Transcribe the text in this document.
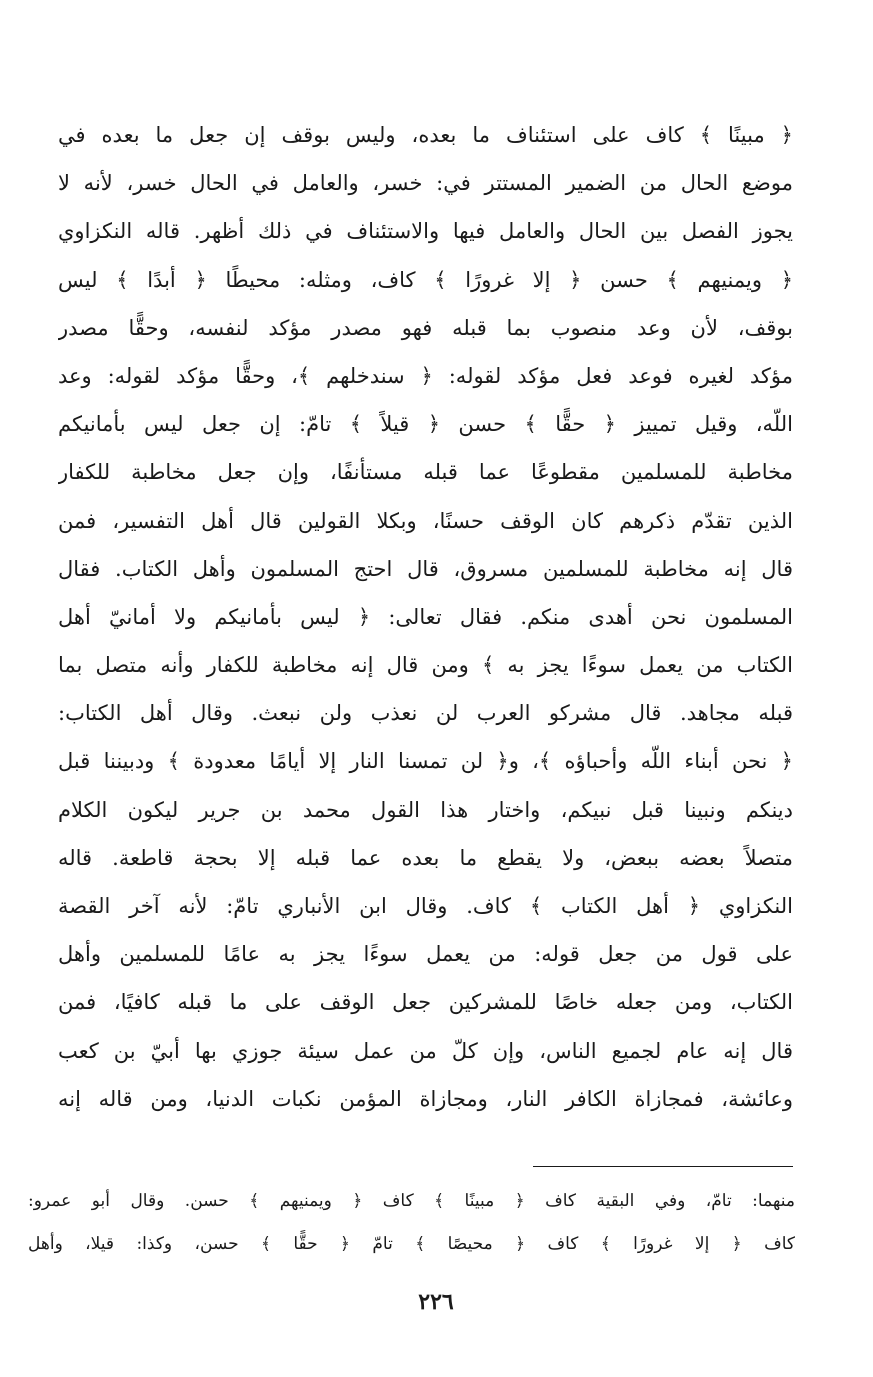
﴿ مبينًا ﴾ كاف على استئناف ما بعده، وليس بوقف إن جعل ما بعده في
موضع الحال من الضمير المستتر في: خسر، والعامل في الحال خسر، لأنه لا
يجوز الفصل بين الحال والعامل فيها والاستئناف في ذلك أظهر. قاله النكزاوي
﴿ ويمنيهم ﴾ حسن ﴿ إلا غرورًا ﴾ كاف، ومثله: محيطًا ﴿ أبدًا ﴾ ليس
بوقف، لأن وعد منصوب بما قبله فهو مصدر مؤكد لنفسه، وحقًّا مصدر
مؤكد لغيره فوعد فعل مؤكد لقوله: ﴿ سندخلهم ﴾، وحقًّا مؤكد لقوله: وعد
اللّه، وقيل تمييز ﴿ حقًّا ﴾ حسن ﴿ قيلاً ﴾ تامّ: إن جعل ليس بأمانيكم
مخاطبة للمسلمين مقطوعًا عما قبله مستأنفًا، وإن جعل مخاطبة للكفار
الذين تقدّم ذكرهم كان الوقف حسنًا، وبكلا القولين قال أهل التفسير، فمن
قال إنه مخاطبة للمسلمين مسروق، قال احتج المسلمون وأهل الكتاب. فقال
المسلمون نحن أهدى منكم. فقال تعالى: ﴿ ليس بأمانيكم ولا أمانيّ أهل
الكتاب من يعمل سوءًا يجز به ﴾ ومن قال إنه مخاطبة للكفار وأنه متصل بما
قبله مجاهد. قال مشركو العرب لن نعذب ولن نبعث. وقال أهل الكتاب:
﴿ نحن أبناء اللّه وأحباؤه ﴾، و﴿ لن تمسنا النار إلا أيامًا معدودة ﴾ ودبيننا قبل
دينكم ونبينا قبل نبيكم، واختار هذا القول محمد بن جرير ليكون الكلام
متصلاً بعضه ببعض، ولا يقطع ما بعده عما قبله إلا بحجة قاطعة. قاله
النكزاوي ﴿ أهل الكتاب ﴾ كاف. وقال ابن الأنباري تامّ: لأنه آخر القصة
على قول من جعل قوله: من يعمل سوءًا يجز به عامًا للمسلمين وأهل
الكتاب، ومن جعله خاصًا للمشركين جعل الوقف على ما قبله كافيًا، فمن
قال إنه عام لجميع الناس، وإن كلّ من عمل سيئة جوزي بها أبيّ بن كعب
وعائشة، فمجازاة الكافر النار، ومجازاة المؤمن نكبات الدنيا، ومن قاله إنه
منهما: تامّ، وفي البقية كاف ﴿ مبينًا ﴾ كاف ﴿ ويمنيهم ﴾ حسن. وقال أبو عمرو:
كاف ﴿ إلا غرورًا ﴾ كاف ﴿ محيصًا ﴾ تامّ ﴿ حقًّا ﴾ حسن، وكذا: قيلا، وأهل
٢٢٦
